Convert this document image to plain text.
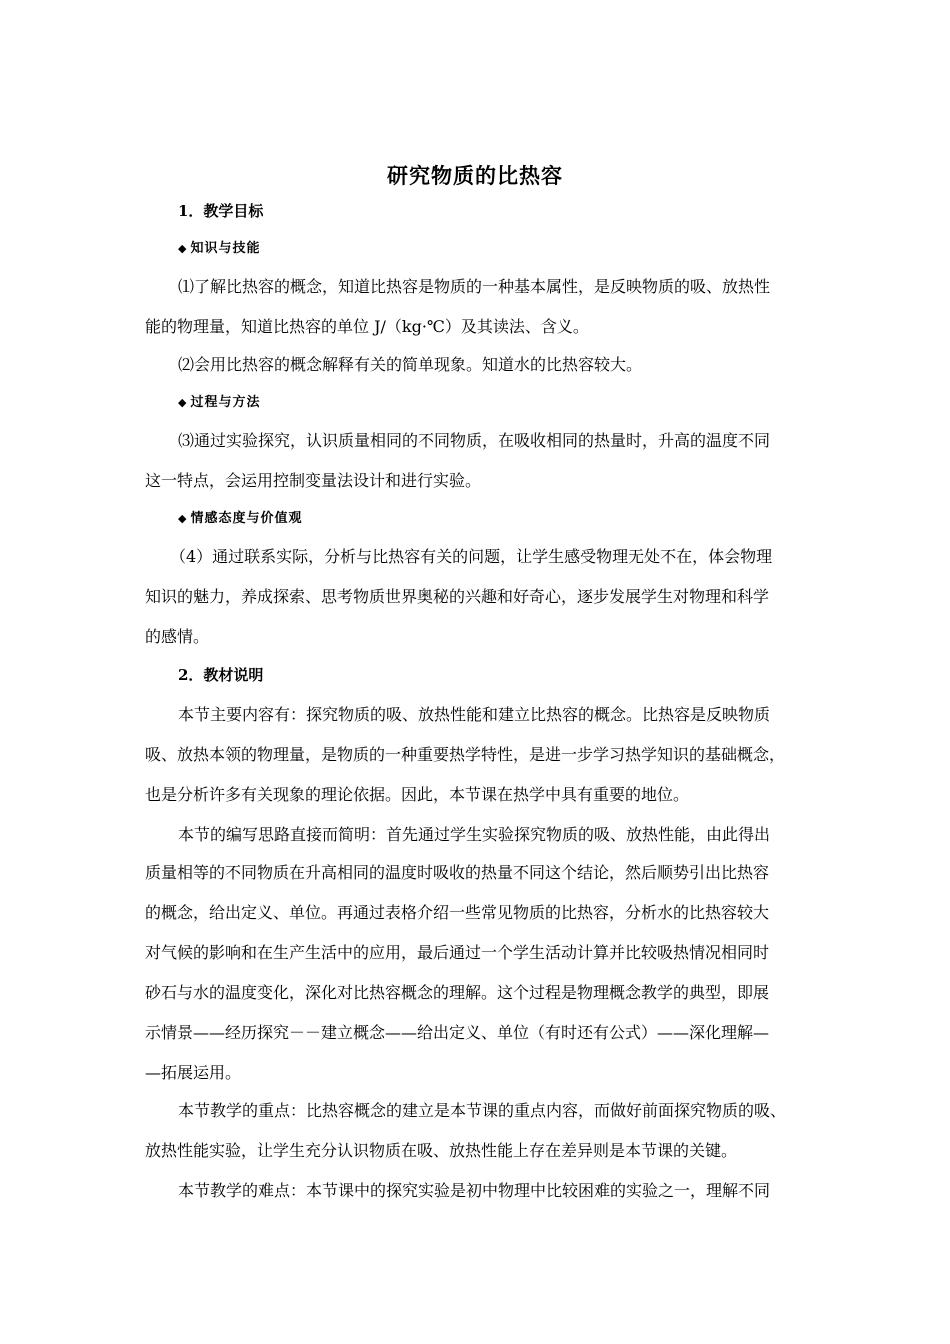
研究物质的比热容
1．教学目标
◆ 知识与技能
⑴了解比热容的概念，知道比热容是物质的一种基本属性，是反映物质的吸、放热性
能的物理量，知道比热容的单位 J/（kg·℃）及其读法、含义。
⑵会用比热容的概念解释有关的简单现象。知道水的比热容较大。
◆ 过程与方法
⑶通过实验探究，认识质量相同的不同物质，在吸收相同的热量时，升高的温度不同
这一特点，会运用控制变量法设计和进行实验。
◆ 情感态度与价值观
（4）通过联系实际，分析与比热容有关的问题，让学生感受物理无处不在，体会物理
知识的魅力，养成探索、思考物质世界奥秘的兴趣和好奇心，逐步发展学生对物理和科学
的感情。
2．教材说明
本节主要内容有：探究物质的吸、放热性能和建立比热容的概念。比热容是反映物质
吸、放热本领的物理量，是物质的一种重要热学特性，是进一步学习热学知识的基础概念，
也是分析许多有关现象的理论依据。因此，本节课在热学中具有重要的地位。
本节的编写思路直接而简明：首先通过学生实验探究物质的吸、放热性能，由此得出
质量相等的不同物质在升高相同的温度时吸收的热量不同这个结论，然后顺势引出比热容
的概念，给出定义、单位。再通过表格介绍一些常见物质的比热容，分析水的比热容较大
对气候的影响和在生产生活中的应用，最后通过一个学生活动计算并比较吸热情况相同时
砂石与水的温度变化，深化对比热容概念的理解。这个过程是物理概念教学的典型，即展
示情景——经历探究－－建立概念——给出定义、单位（有时还有公式）——深化理解—
—拓展运用。
本节教学的重点：比热容概念的建立是本节课的重点内容，而做好前面探究物质的吸、
放热性能实验，让学生充分认识物质在吸、放热性能上存在差异则是本节课的关键。
本节教学的难点：本节课中的探究实验是初中物理中比较困难的实验之一，理解不同
